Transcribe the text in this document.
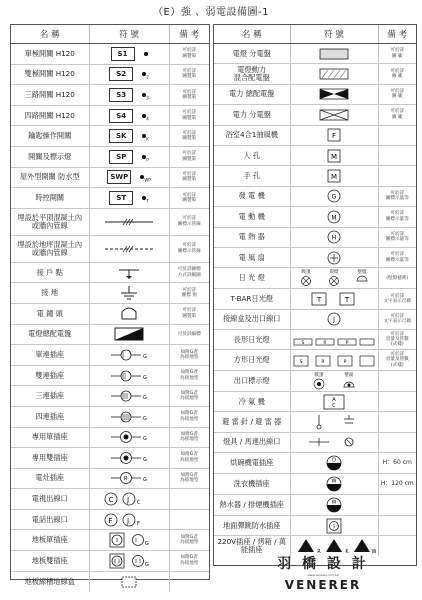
（E）強 、弱電設備圖-1
名 稱	符 號	備 考
單極開關 H120	S1	可於詳
圖製策
雙極開關 H120	S2 $_2$	可於詳
圖製策
三路開關 H120	S3 $_3$	可於詳
圖製策
四路開關 H120	S4 $_4$	可於詳
圖製策
鑰匙操作開關	SK $_K$	可於詳
圖製策
開關及標示燈	SP $_P$	可於詳
圖製策
屋外型開關 防水型	SWP $_{WP}$	可於詳
圖製策
時控開關	ST $_T$	可於詳
圖製策
埋設於平頂混凝土內
或牆內管線		可於詳
圖標示管線
埋設於地坪混凝土內
或牆內管線		可於詳
圖標示管線
接 戶 點		可於詳圖標
方式詳細圖
接 地		可於詳
圖標 預
電 鐘 頭		可於詳
圖製策
電燈總配電盤		可於詳細標
單連插座	G	如附G者
為接地型
雙連插座	G	如附G者
為接地型
三連插座	G	如附G者
為接地型
四連插座	G	如附G者
為接地型
專用單插座	G	如附G者
為接地型
專用雙插座	G	如附G者
為接地型
電灶插座	R G	如附G者
為接地型
電視出線口	C J C	

電話出線口	F J F	

地板單插座	G	如附G者
為接地型
地板雙插座	G	如附G者
為接地型
地板線槽地線盒	

名 稱	符 號	備 考
電燈 分電盤		可於詳
圖 範
電燈動力
混合配電盤		可於詳
圖 範
電力 總配電盤		可於詳
圖 範
電力 分電盤		可於詳
圖 範
浴室4合1抽風機	F	

人 孔	M	

手 孔	M	

發 電 機	G	可於詳
圖標示量等
電 動 機	M	可於詳
圖標示量等
電 熱 器	H	可於詳
圖標示量等
電 風 扇		可於詳
圖標示量等
日 光 燈	吸頂 崁燈 壁燈	(壁燈藝術)
T-BAR日光燈	T T	可於詳
文字表示尺碼
接線盒及出口線口	J	可於詳
文字表示尺碼
長形日光燈	S R P	可於詳
容量及管數
(式樣)
方形日光燈	S R P	可於詳
容量及管數
(式樣)
出口標示燈	吸頂 壁面	

冷 氣 機	A
C	

避 雷 針 / 避 雷 器	

燈具 / 馬達出線口	

烘碗機電插座	D	H：60 cm
洗衣機插座	W	H：120 cm
熱水器 / 排煙機插座	W	

地面彈跳防水插座	

220V插座 / 烤箱 / 萬能插座	R K W	

羽 橋 設 計
www.venerer.com.tw
VENERER
